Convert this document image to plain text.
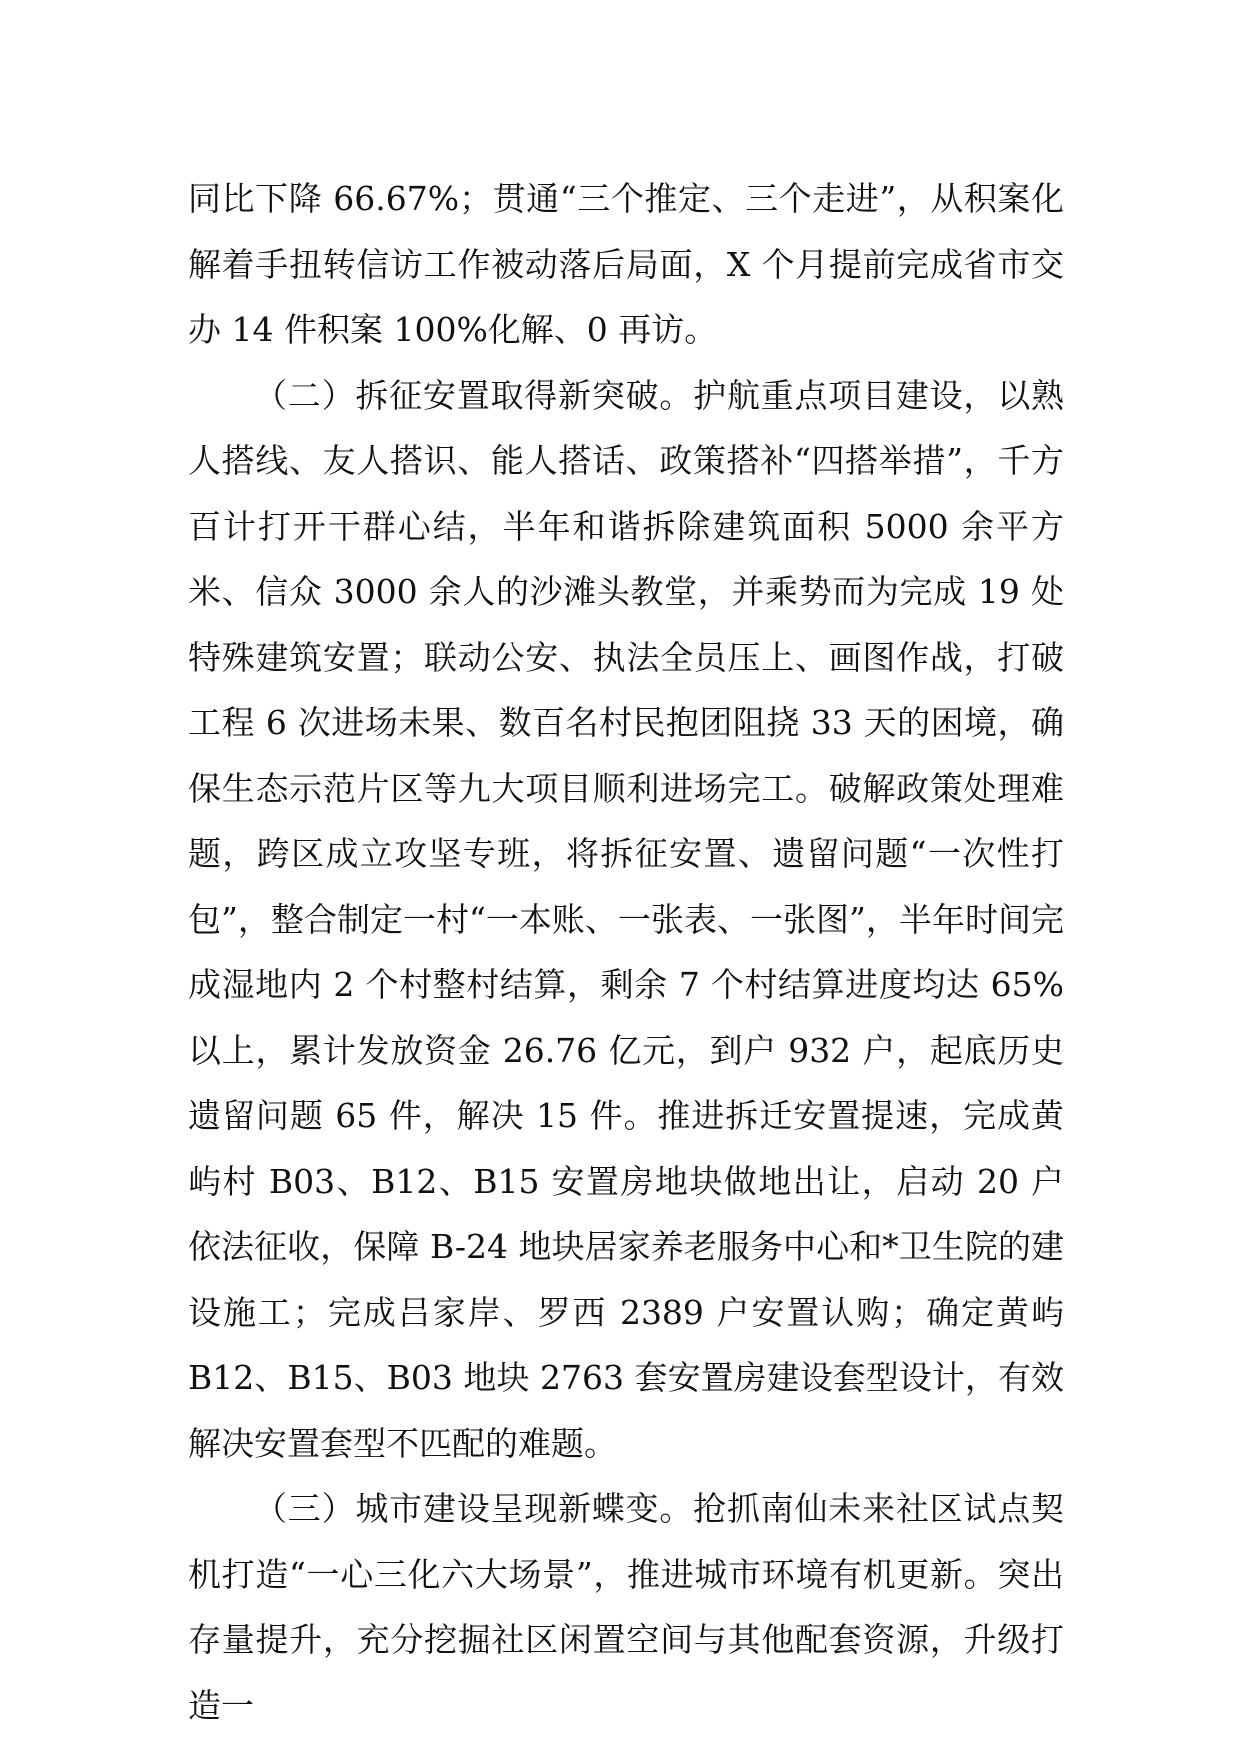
同比下降 66.67%；贯通“三个推定、三个走进”，从积案化解着手扭转信访工作被动落后局面，X 个月提前完成省市交办 14 件积案 100%化解、0 再访。

（二）拆征安置取得新突破。护航重点项目建设，以熟人搭线、友人搭识、能人搭话、政策搭补“四搭举措”，千方百计打开干群心结，半年和谐拆除建筑面积 5000 余平方米、信众 3000 余人的沙滩头教堂，并乘势而为完成 19 处特殊建筑安置；联动公安、执法全员压上、画图作战，打破工程 6 次进场未果、数百名村民抱团阻挠 33 天的困境，确保生态示范片区等九大项目顺利进场完工。破解政策处理难题，跨区成立攻坚专班，将拆征安置、遗留问题“一次性打包”，整合制定一村“一本账、一张表、一张图”，半年时间完成湿地内 2 个村整村结算，剩余 7 个村结算进度均达 65%以上，累计发放资金 26.76 亿元，到户 932 户，起底历史遗留问题 65 件，解决 15 件。推进拆迁安置提速，完成黄屿村 B03、B12、B15 安置房地块做地出让，启动 20 户依法征收，保障 B-24 地块居家养老服务中心和*卫生院的建设施工；完成吕家岸、罗西 2389 户安置认购；确定黄屿 B12、B15、B03 地块 2763 套安置房建设套型设计，有效解决安置套型不匹配的难题。

（三）城市建设呈现新蝶变。抢抓南仙未来社区试点契机打造“一心三化六大场景”，推进城市环境有机更新。突出存量提升，充分挖掘社区闲置空间与其他配套资源，升级打造一
